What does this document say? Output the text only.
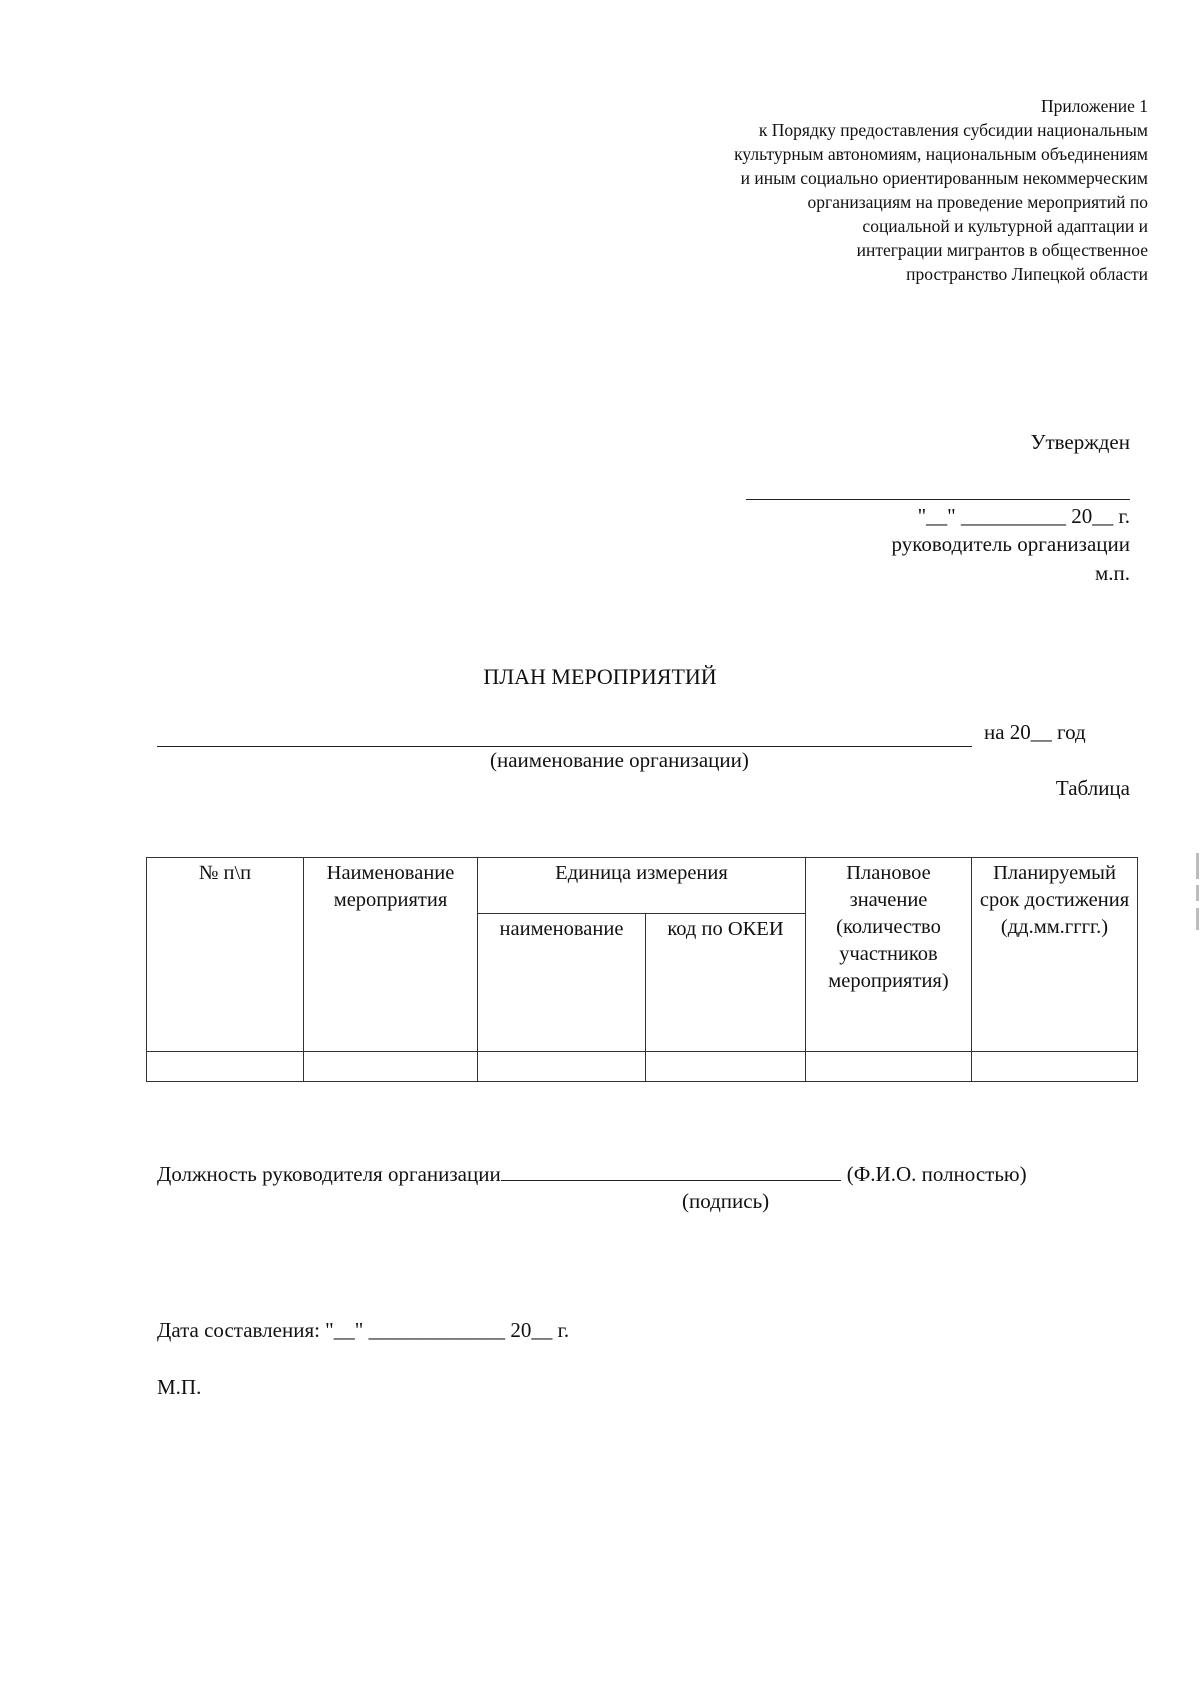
Приложение 1
к Порядку предоставления субсидии национальным
культурным автономиям, национальным объединениям
и иным социально ориентированным некоммерческим
организациям на проведение мероприятий по
социальной и культурной адаптации и
интеграции мигрантов в общественное
пространство Липецкой области
Утвержден
"__" __________ 20__ г.
руководитель организации
м.п.
ПЛАН МЕРОПРИЯТИЙ
на 20__ год
(наименование организации)
Таблица
№ п\п	Наименование мероприятия	Единица измерения		Плановое значение (количество участников мероприятия)	Планируемый срок достижения (дд.мм.гггг.)
		наименование	код по ОКЕИ		

Должность руководителя организации	(Ф.И.О. полностью)
(подпись)
Дата составления: "__" _____________ 20__ г.
М.П.
